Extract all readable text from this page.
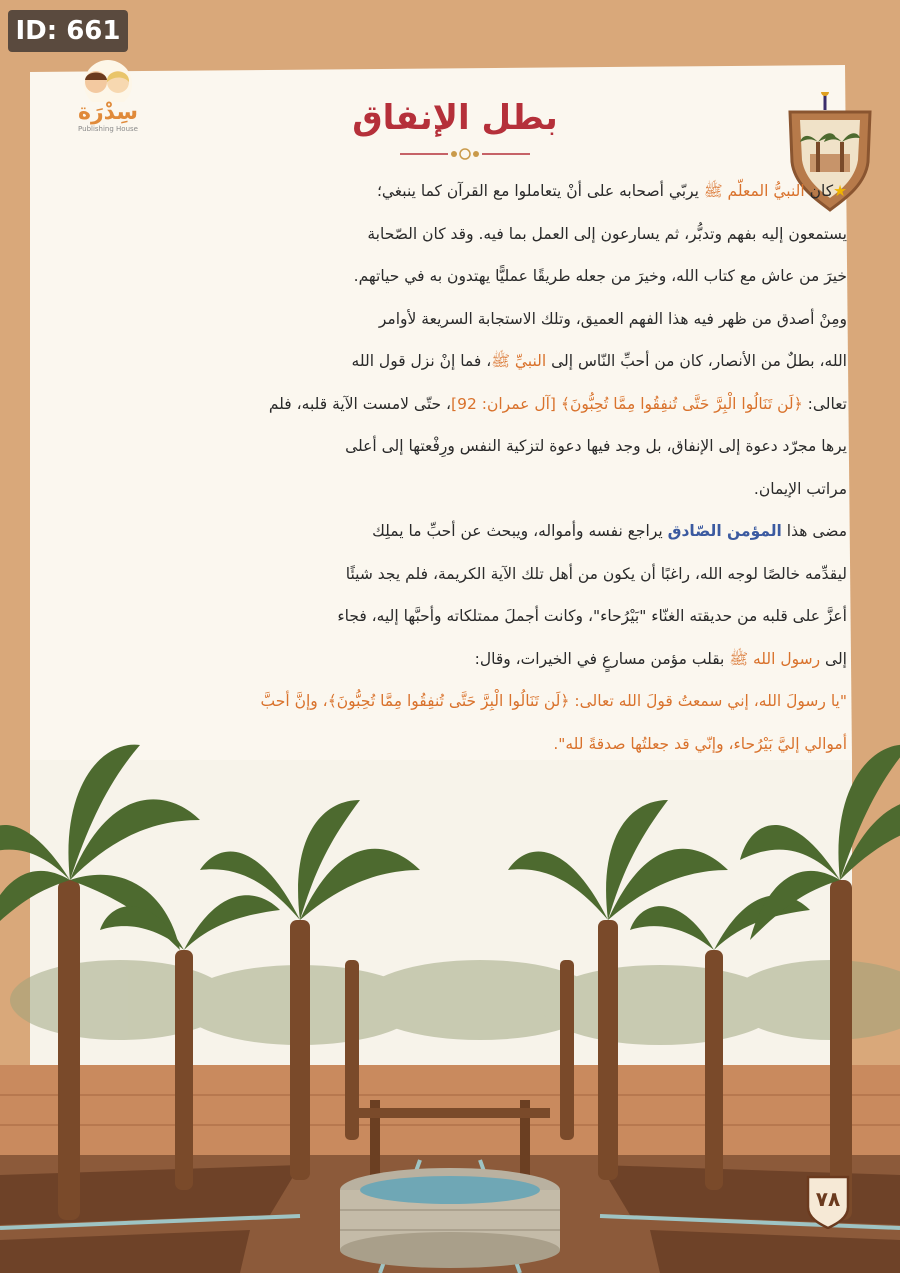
ID: 661
سِدْرَة
Publishing House	بطل الإنفاق
★كان النبيُّ المعلّم ﷺ يربّي أصحابه على أنْ يتعاملوا مع القرآن كما ينبغي؛
يستمعون إليه بفهم وتدبُّر، ثم يسارعون إلى العمل بما فيه. وقد كان الصّحابة
خيرَ من عاش مع كتاب الله، وخيرَ من جعله طريقًا عمليًّا يهتدون به في حياتهم.
ومِنْ أصدق من ظهر فيه هذا الفهم العميق، وتلك الاستجابة السريعة لأوامر
الله، بطلٌ من الأنصار، كان من أحبِّ النّاس إلى النبيِّ ﷺ، فما إنْ نزل قول الله
تعالى: ﴿لَن تَنَالُوا الْبِرَّ حَتَّى تُنفِقُوا مِمَّا تُحِبُّونَ﴾ [آل عمران: 92]، حتّى لامست الآية قلبه، فلم
يرها مجرّد دعوة إلى الإنفاق، بل وجد فيها دعوة لتزكية النفس ورِفْعتها إلى أعلى
مراتب الإيمان.
مضى هذا المؤمن الصّادق يراجع نفسه وأمواله، ويبحث عن أحبِّ ما يملِك
ليقدِّمه خالصًا لوجه الله، راغبًا أن يكون من أهل تلك الآية الكريمة، فلم يجد شيئًا
أعزَّ على قلبه من حديقته الغنّاء "بَيْرُحاء"، وكانت أجملَ ممتلكاته وأحبَّها إليه، فجاء
إلى رسول الله ﷺ بقلب مؤمن مسارعٍ في الخيرات، وقال:
"يا رسولَ الله، إني سمعتُ قولَ الله تعالى: ﴿لَن تَنَالُوا الْبِرَّ حَتَّى تُنفِقُوا مِمَّا تُحِبُّونَ﴾، وإنَّ أحبَّ
أموالي إليَّ بَيْرُحاء، وإنّي قد جعلتُها صدقةً لله".
٧٨
